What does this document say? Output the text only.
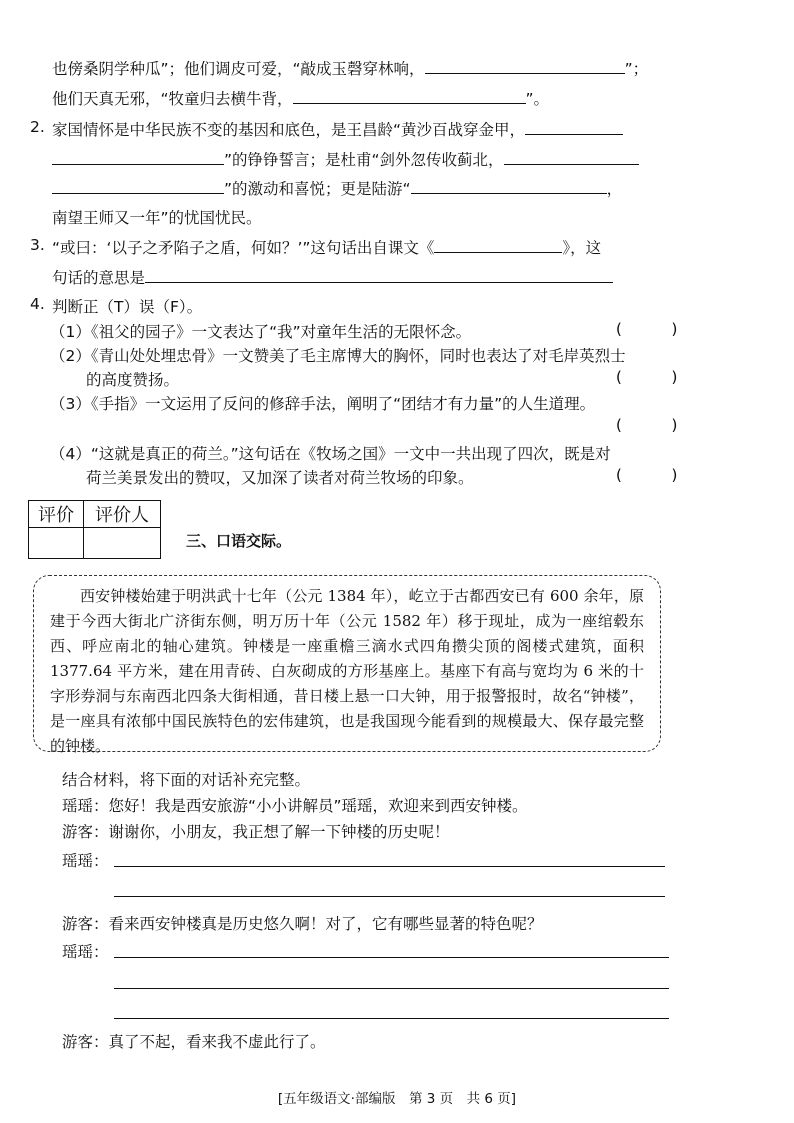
也傍桑阴学种瓜”；他们调皮可爱，“敲成玉磬穿林响，	”；
他们天真无邪，“牧童归去横牛背，	”。
2. 家国情怀是中华民族不变的基因和底色，是王昌龄“黄沙百战穿金甲，
”的铮铮誓言；是杜甫“剑外忽传收蓟北，
”的激动和喜悦；更是陆游“	，
南望王师又一年”的忧国忧民。
3. “或曰：‘以子之矛陷子之盾，何如？’”这句话出自课文《	》，这
句话的意思是
4. 判断正（T）误（F）。
（1）《祖父的园子》一文表达了“我”对童年生活的无限怀念。	(     )
（2）《青山处处埋忠骨》一文赞美了毛主席博大的胸怀，同时也表达了对毛岸英烈士
的高度赞扬。	(     )
（3）《手指》一文运用了反问的修辞手法，阐明了“团结才有力量”的人生道理。
(     )
（4）“这就是真正的荷兰。”这句话在《牧场之国》一文中一共出现了四次，既是对
荷兰美景发出的赞叹，又加深了读者对荷兰牧场的印象。	(     )
评价	评价人

三、口语交际。

西安钟楼始建于明洪武十七年（公元 1384 年），屹立于古都西安已有 600 余年，原建于今西大街北广济街东侧，明万历十年（公元 1582 年）移于现址，成为一座绾毂东西、呼应南北的轴心建筑。钟楼是一座重檐三滴水式四角攒尖顶的阁楼式建筑，面积 1377.64 平方米，建在用青砖、白灰砌成的方形基座上。基座下有高与宽均为 6 米的十字形券洞与东南西北四条大街相通，昔日楼上悬一口大钟，用于报警报时，故名“钟楼”，是一座具有浓郁中国民族特色的宏伟建筑，也是我国现今能看到的规模最大、保存最完整的钟楼。

结合材料，将下面的对话补充完整。
瑶瑶：您好！我是西安旅游“小小讲解员”瑶瑶，欢迎来到西安钟楼。
游客：谢谢你，小朋友，我正想了解一下钟楼的历史呢！
瑶瑶：
游客：看来西安钟楼真是历史悠久啊！对了，它有哪些显著的特色呢？
瑶瑶：
游客：真了不起，看来我不虚此行了。
[五年级语文·部编版　第 3 页　共 6 页]
